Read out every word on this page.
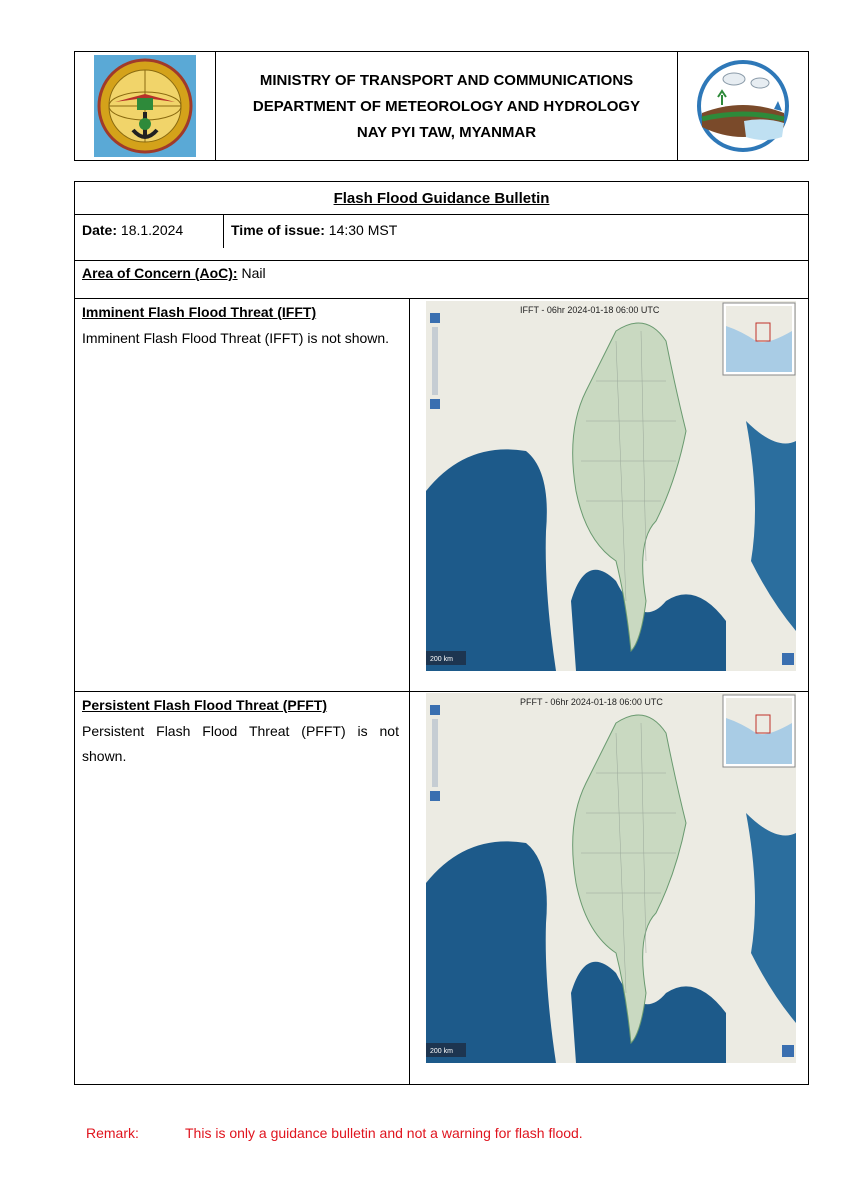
MINISTRY OF TRANSPORT AND COMMUNICATIONS
DEPARTMENT OF METEOROLOGY AND HYDROLOGY
NAY PYI TAW, MYANMAR
Flash Flood Guidance Bulletin
Date: 18.1.2024	Time of issue: 14:30 MST
Area of Concern (AoC): Nail
Imminent Flash Flood Threat (IFFT)
Imminent Flash Flood Threat (IFFT) is not shown.
IFFT - 06hr 2024-01-18 06:00 UTC
200 km
Persistent Flash Flood Threat (PFFT)
Persistent Flash Flood Threat (PFFT) is not shown.
PFFT - 06hr 2024-01-18 06:00 UTC
200 km
Remark:	This is only a guidance bulletin and not a warning for flash flood.
